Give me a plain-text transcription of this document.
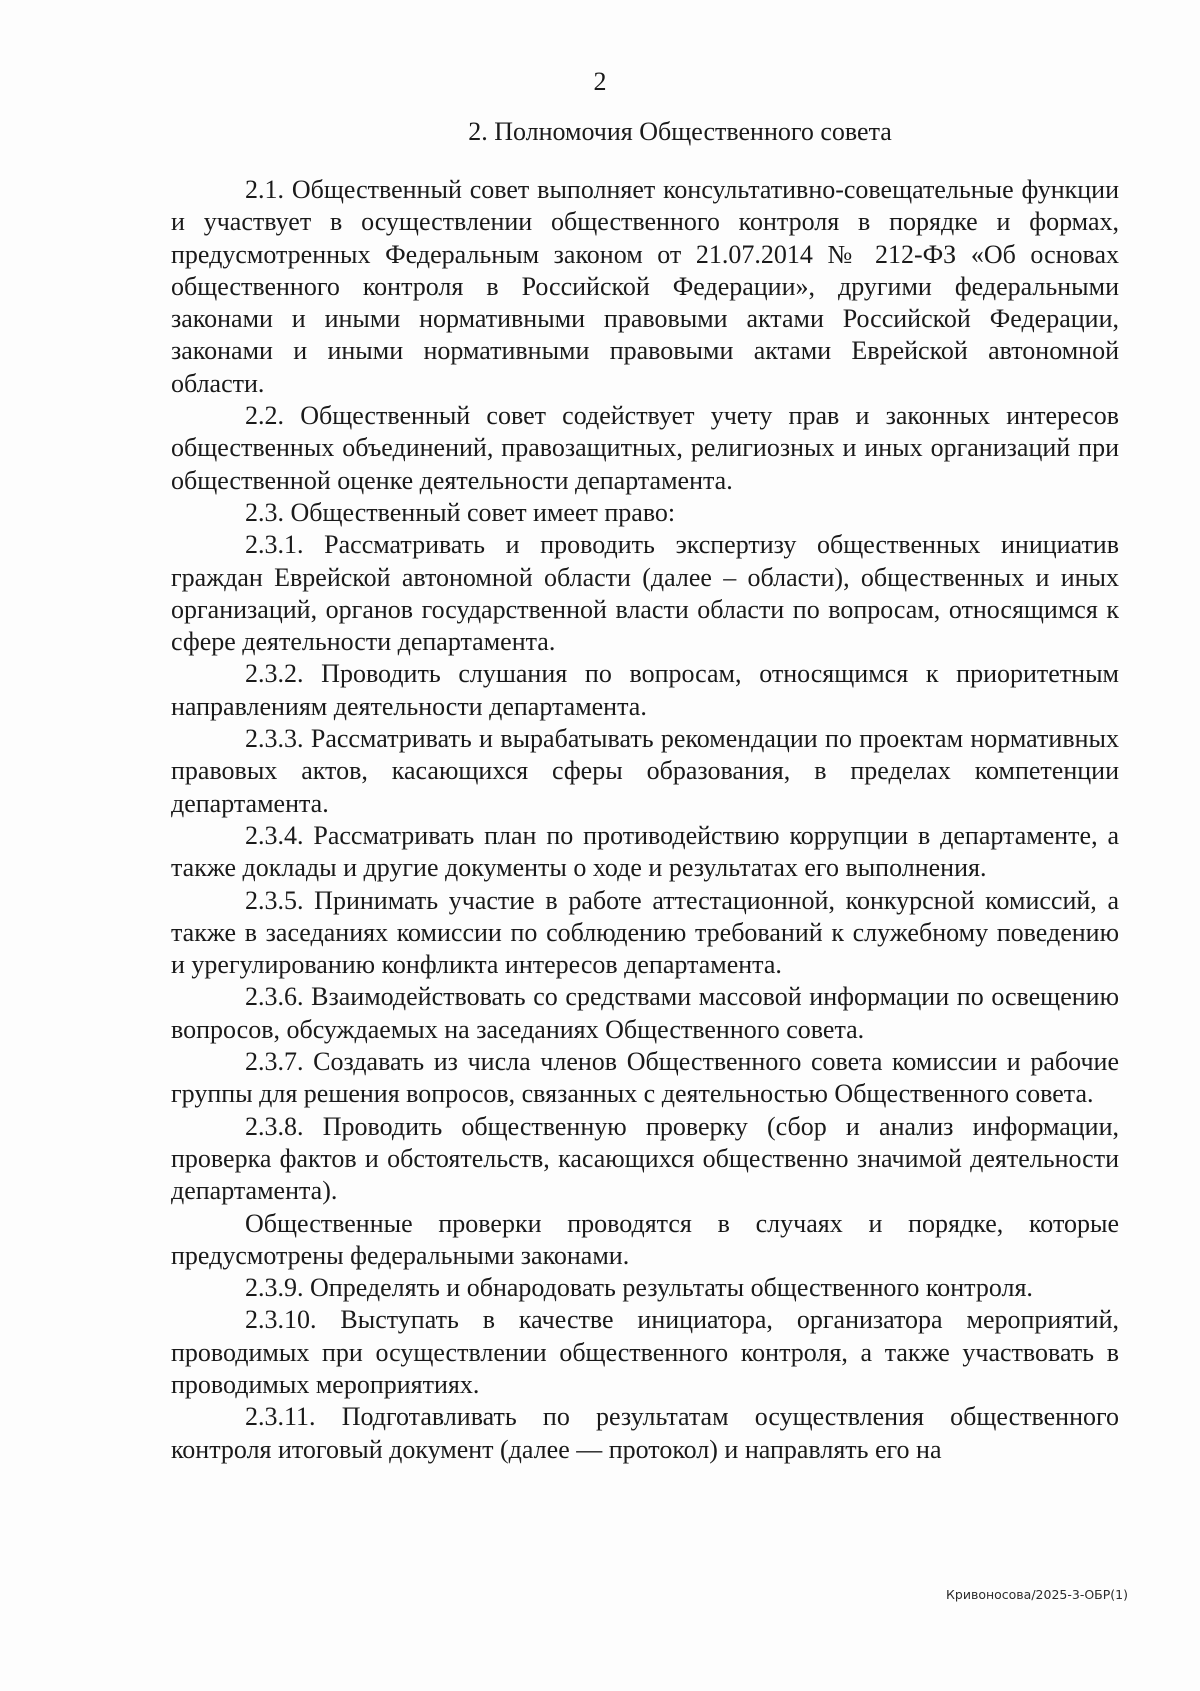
2
2. Полномочия Общественного совета

2.1. Общественный совет выполняет консультативно-совещательные функции и участвует в осуществлении общественного контроля в порядке и формах, предусмотренных Федеральным законом от 21.07.2014 № 212-ФЗ «Об основах общественного контроля в Российской Федерации», другими федеральными законами и иными нормативными правовыми актами Российской Федерации, законами и иными нормативными правовыми актами Еврейской автономной области.

2.2. Общественный совет содействует учету прав и законных интересов общественных объединений, правозащитных, религиозных и иных организаций при общественной оценке деятельности департамента.

2.3. Общественный совет имеет право:

2.3.1. Рассматривать и проводить экспертизу общественных инициатив граждан Еврейской автономной области (далее – области), общественных и иных организаций, органов государственной власти области по вопросам, относящимся к сфере деятельности департамента.

2.3.2. Проводить слушания по вопросам, относящимся к приоритетным направлениям деятельности департамента.

2.3.3. Рассматривать и вырабатывать рекомендации по проектам нормативных правовых актов, касающихся сферы образования, в пределах компетенции департамента.

2.3.4. Рассматривать план по противодействию коррупции в департаменте, а также доклады и другие документы о ходе и результатах его выполнения.

2.3.5. Принимать участие в работе аттестационной, конкурсной комиссий, а также в заседаниях комиссии по соблюдению требований к служебному поведению и урегулированию конфликта интересов департамента.

2.3.6. Взаимодействовать со средствами массовой информации по освещению вопросов, обсуждаемых на заседаниях Общественного совета.

2.3.7. Создавать из числа членов Общественного совета комиссии и рабочие группы для решения вопросов, связанных с деятельностью Общественного совета.

2.3.8. Проводить общественную проверку (сбор и анализ информации, проверка фактов и обстоятельств, касающихся общественно значимой деятельности департамента).

Общественные проверки проводятся в случаях и порядке, которые предусмотрены федеральными законами.

2.3.9. Определять и обнародовать результаты общественного контроля.

2.3.10. Выступать в качестве инициатора, организатора мероприятий, проводимых при осуществлении общественного контроля, а также участвовать в проводимых мероприятиях.

2.3.11. Подготавливать по результатам осуществления общественного контроля итоговый документ (далее — протокол) и направлять его на

Кривоносова/2025-3-ОБР(1)
